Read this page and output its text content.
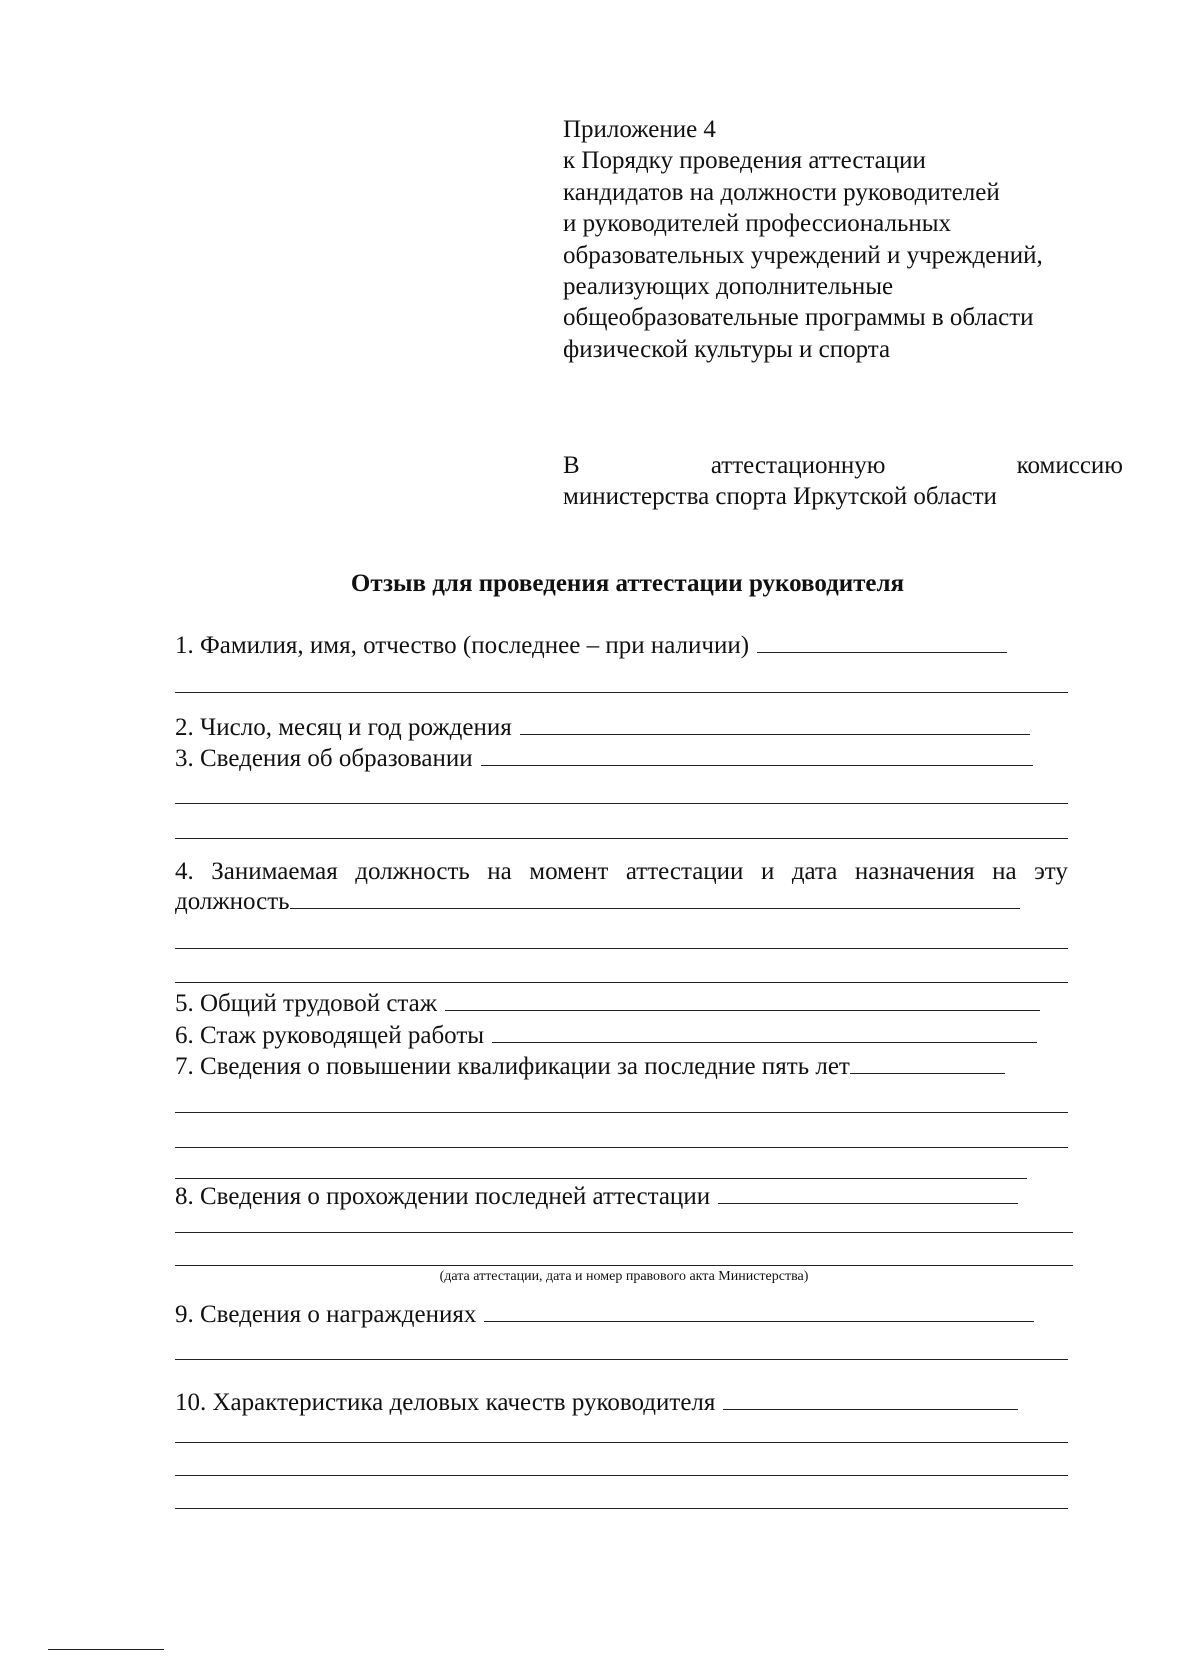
Приложение 4
к Порядку проведения аттестации
кандидатов на должности руководителей
и руководителей профессиональных
образовательных учреждений и учреждений,
реализующих дополнительные
общеобразовательные программы в области
физической культуры и спорта
В	аттестационную	комиссию
министерства спорта Иркутской области
Отзыв для проведения аттестации руководителя
1. Фамилия, имя, отчество (последнее – при наличии)
2. Число, месяц и год рождения
3. Сведения об образовании
4. Занимаемая должность на момент аттестации и дата назначения на эту
должность
5. Общий трудовой стаж
6. Стаж руководящей работы
7. Сведения о повышении квалификации за последние пять лет
8. Сведения о прохождении последней аттестации
(дата аттестации, дата и номер правового акта Министерства)
9. Сведения о награждениях
10. Характеристика деловых качеств руководителя
